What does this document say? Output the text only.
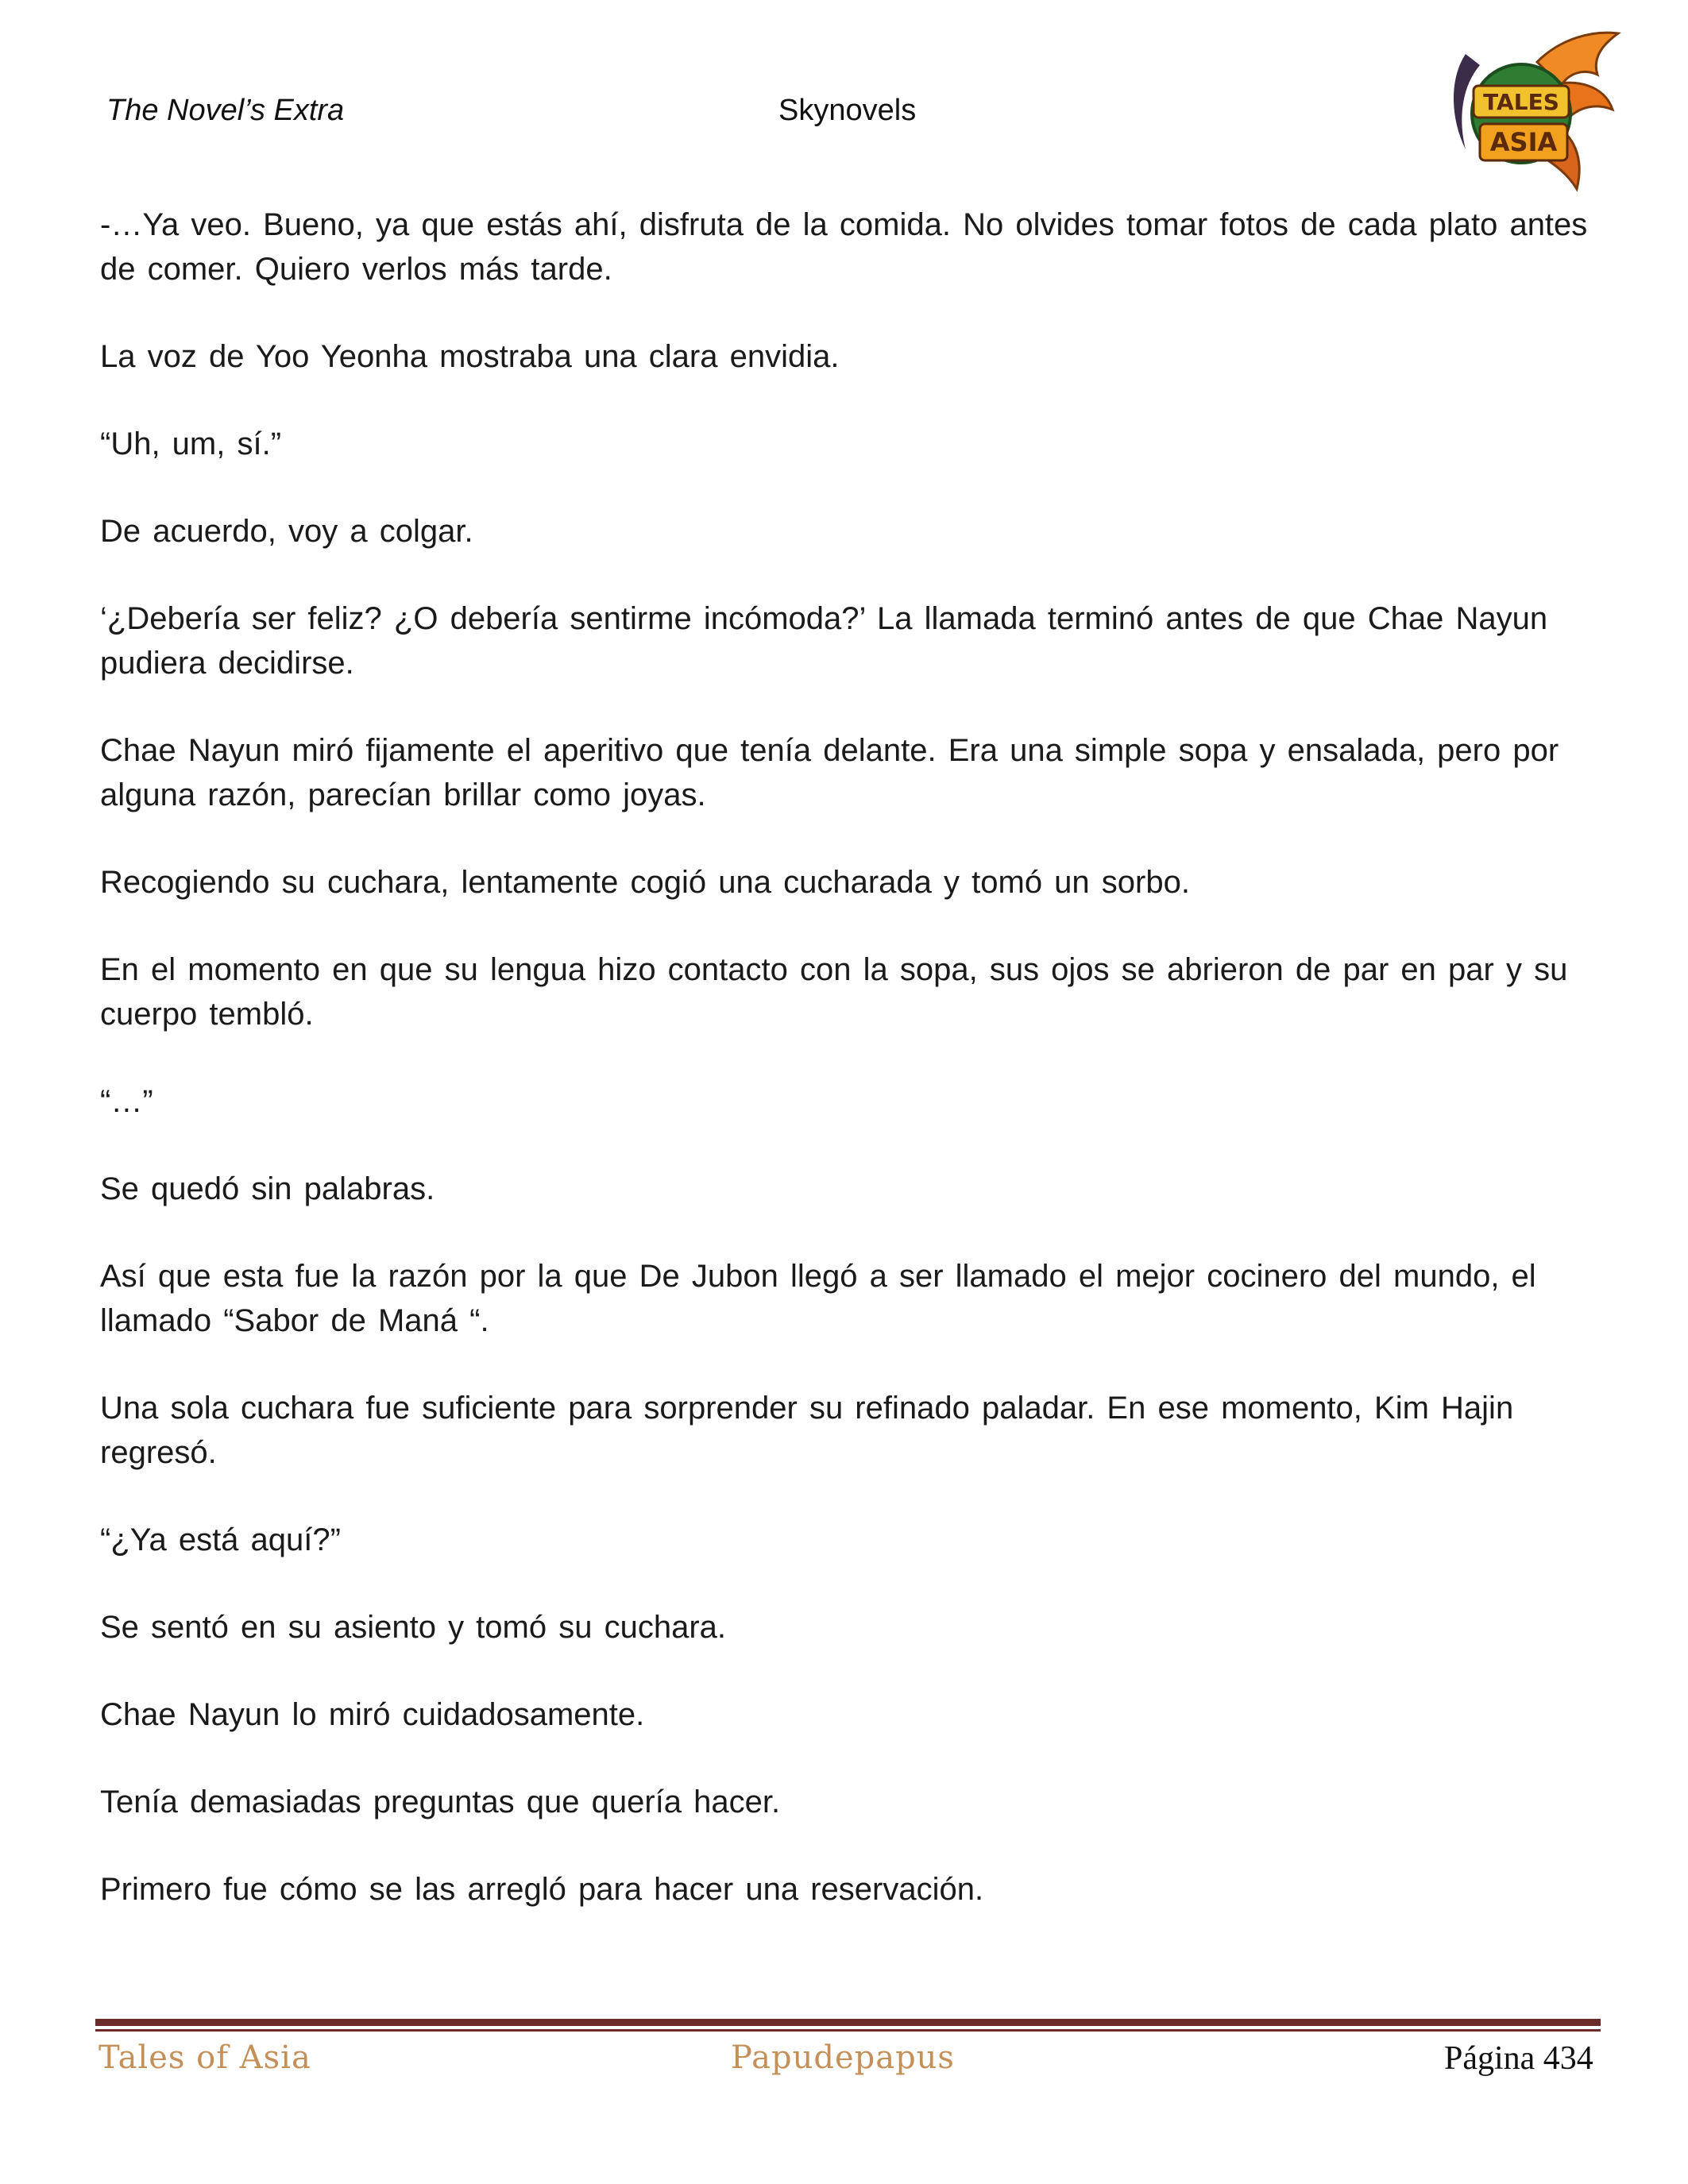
The Novel’s Extra	Skynovels	TALES
ASIA

-…Ya veo. Bueno, ya que estás ahí, disfruta de la comida. No olvides tomar fotos de cada plato antes de comer. Quiero verlos más tarde.

La voz de Yoo Yeonha mostraba una clara envidia.

“Uh, um, sí.”

De acuerdo, voy a colgar.

‘¿Debería ser feliz? ¿O debería sentirme incómoda?’ La llamada terminó antes de que Chae Nayun pudiera decidirse.

Chae Nayun miró fijamente el aperitivo que tenía delante. Era una simple sopa y ensalada, pero por alguna razón, parecían brillar como joyas.

Recogiendo su cuchara, lentamente cogió una cucharada y tomó un sorbo.

En el momento en que su lengua hizo contacto con la sopa, sus ojos se abrieron de par en par y su cuerpo tembló.

“…”

Se quedó sin palabras.

Así que esta fue la razón por la que De Jubon llegó a ser llamado el mejor cocinero del mundo, el llamado “Sabor de Maná “.

Una sola cuchara fue suficiente para sorprender su refinado paladar. En ese momento, Kim Hajin regresó.

“¿Ya está aquí?”

Se sentó en su asiento y tomó su cuchara.

Chae Nayun lo miró cuidadosamente.

Tenía demasiadas preguntas que quería hacer.

Primero fue cómo se las arregló para hacer una reservación.

Tales of Asia	Papudepapus	Página 434
